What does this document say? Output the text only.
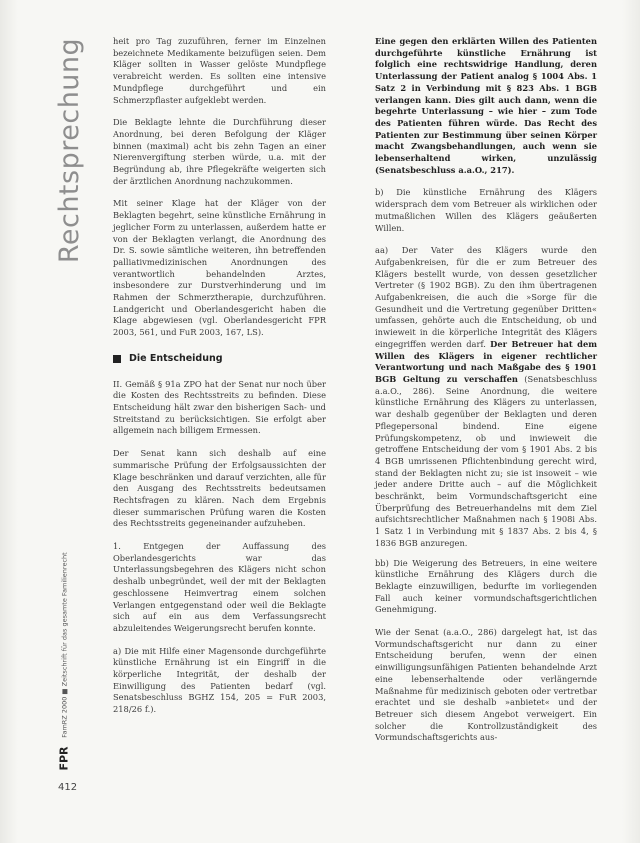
Rechtsprechung
FamRZ 2000 ■ Zeitschrift für das gesamte Familienrecht
FPR
412

heit pro Tag zuzuführen, ferner im Einzelnen bezeichnete Medikamente beizufügen seien. Dem Kläger sollten in Wasser gelöste Mundpflege verabreicht werden. Es sollten eine intensive Mundpflege durchgeführt und ein Schmerzpflaster aufgeklebt werden.

Die Beklagte lehnte die Durchführung dieser Anordnung, bei deren Befolgung der Kläger binnen (maximal) acht bis zehn Tagen an einer Nierenvergiftung sterben würde, u.a. mit der Begründung ab, ihre Pflegekräfte weigerten sich der ärztlichen Anordnung nachzukommen.

Mit seiner Klage hat der Kläger von der Beklagten begehrt, seine künstliche Ernährung in jeglicher Form zu unterlassen, außerdem hatte er von der Beklagten verlangt, die Anordnung des Dr. S. sowie sämtliche weiteren, ihn betreffenden palliativmedizinischen Anordnungen des verantwortlich behandelnden Arztes, insbesondere zur Durstverhinderung und im Rahmen der Schmerztherapie, durchzuführen. Landgericht und Oberlandesgericht haben die Klage abgewiesen (vgl. Oberlandesgericht FPR 2003, 561, und FuR 2003, 167, LS).

Die Entscheidung

II. Gemäß § 91a ZPO hat der Senat nur noch über die Kosten des Rechtsstreits zu befinden. Diese Entscheidung hält zwar den bisherigen Sach- und Streitstand zu berücksichtigen. Sie erfolgt aber allgemein nach billigem Ermessen.

Der Senat kann sich deshalb auf eine summarische Prüfung der Erfolgsaussichten der Klage beschränken und darauf verzichten, alle für den Ausgang des Rechtsstreits bedeutsamen Rechtsfragen zu klären. Nach dem Ergebnis dieser summarischen Prüfung waren die Kosten des Rechtsstreits gegeneinander aufzuheben.

1. Entgegen der Auffassung des Oberlandesgerichts war das Unterlassungsbegehren des Klägers nicht schon deshalb unbegründet, weil der mit der Beklagten geschlossene Heimvertrag einem solchen Verlangen entgegenstand oder weil die Beklagte sich auf ein aus dem Verfassungsrecht abzuleitendes Weigerungsrecht berufen konnte.

a) Die mit Hilfe einer Magensonde durchgeführte künstliche Ernährung ist ein Eingriff in die körperliche Integrität, der deshalb der Einwilligung des Patienten bedarf (vgl. Senatsbeschluss BGHZ 154, 205 = FuR 2003, 218/26 f.).

Eine gegen den erklärten Willen des Patienten durchgeführte künstliche Ernährung ist folglich eine rechtswidrige Handlung, deren Unterlassung der Patient analog § 1004 Abs. 1 Satz 2 in Verbindung mit § 823 Abs. 1 BGB verlangen kann. Dies gilt auch dann, wenn die begehrte Unterlassung – wie hier – zum Tode des Patienten führen würde. Das Recht des Patienten zur Bestimmung über seinen Körper macht Zwangsbehandlungen, auch wenn sie lebenserhaltend wirken, unzulässig (Senatsbeschluss a.a.O., 217).

b) Die künstliche Ernährung des Klägers widersprach dem vom Betreuer als wirklichen oder mutmaßlichen Willen des Klägers geäußerten Willen.

aa) Der Vater des Klägers wurde den Aufgabenkreisen, für die er zum Betreuer des Klägers bestellt wurde, von dessen gesetzlicher Vertreter (§ 1902 BGB). Zu den ihm übertragenen Aufgabenkreisen, die auch die »Sorge für die Gesundheit und die Vertretung gegenüber Dritten« umfassen, gehörte auch die Entscheidung, ob und inwieweit in die körperliche Integrität des Klägers eingegriffen werden darf. Der Betreuer hat dem Willen des Klägers in eigener rechtlicher Verantwortung und nach Maßgabe des § 1901 BGB Geltung zu verschaffen (Senatsbeschluss a.a.O., 286). Seine Anordnung, die weitere künstliche Ernährung des Klägers zu unterlassen, war deshalb gegenüber der Beklagten und deren Pflegepersonal bindend. Eine eigene Prüfungskompetenz, ob und inwieweit die getroffene Entscheidung der vom § 1901 Abs. 2 bis 4 BGB umrissenen Pflichtenbindung gerecht wird, stand der Beklagten nicht zu; sie ist insoweit – wie jeder andere Dritte auch – auf die Möglichkeit beschränkt, beim Vormundschaftsgericht eine Überprüfung des Betreuerhandelns mit dem Ziel aufsichtsrechtlicher Maßnahmen nach § 1908i Abs. 1 Satz 1 in Verbindung mit § 1837 Abs. 2 bis 4, § 1836 BGB anzuregen.

bb) Die Weigerung des Betreuers, in eine weitere künstliche Ernährung des Klägers durch die Beklagte einzuwilligen, bedurfte im vorliegenden Fall auch keiner vormundschaftsgerichtlichen Genehmigung.

Wie der Senat (a.a.O., 286) dargelegt hat, ist das Vormundschaftsgericht nur dann zu einer Entscheidung berufen, wenn der einen einwilligungsunfähigen Patienten behandelnde Arzt eine lebenserhaltende oder verlängernde Maßnahme für medizinisch geboten oder vertretbar erachtet und sie deshalb »anbietet« und der Betreuer sich diesem Angebot verweigert. Ein solcher die Kontrollzuständigkeit des Vormundschaftsgerichts aus-
